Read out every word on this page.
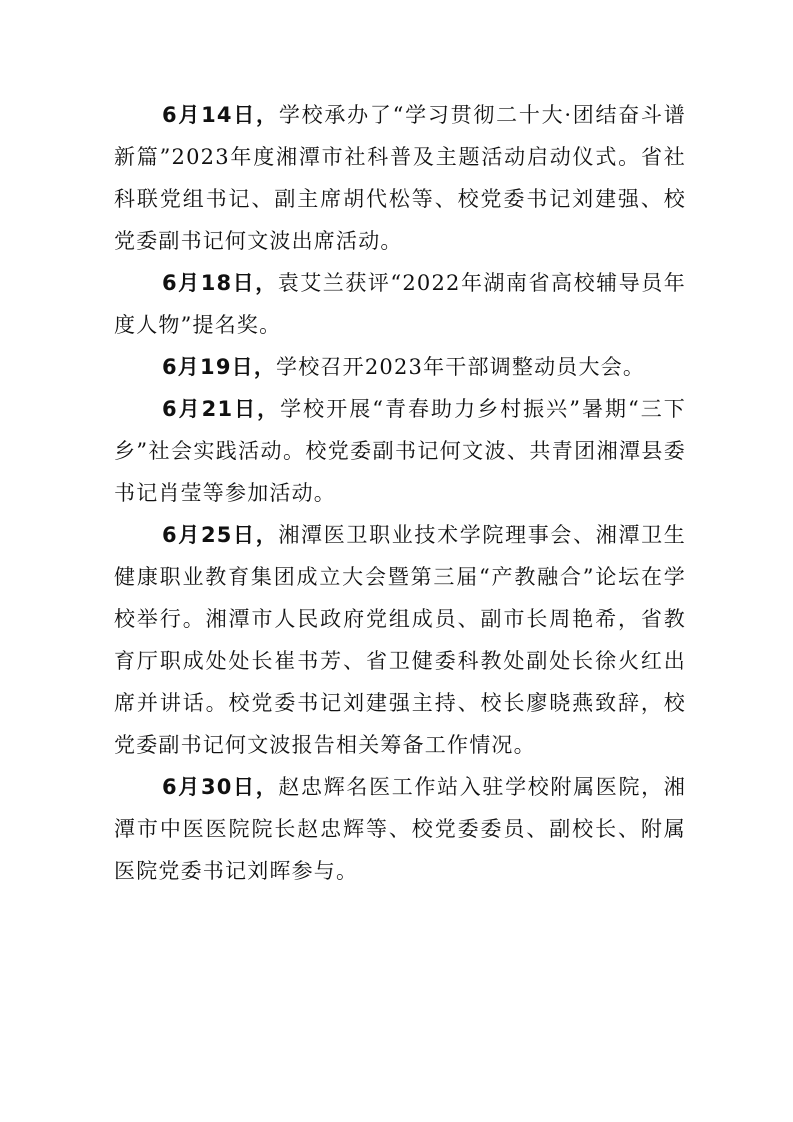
6月14日，学校承办了“学习贯彻二十大·团结奋斗谱新篇”2023年度湘潭市社科普及主题活动启动仪式。省社科联党组书记、副主席胡代松等、校党委书记刘建强、校党委副书记何文波出席活动。

6月18日，袁艾兰获评“2022年湖南省高校辅导员年度人物”提名奖。

6月19日，学校召开2023年干部调整动员大会。

6月21日，学校开展“青春助力乡村振兴”暑期“三下乡”社会实践活动。校党委副书记何文波、共青团湘潭县委书记肖莹等参加活动。

6月25日，湘潭医卫职业技术学院理事会、湘潭卫生健康职业教育集团成立大会暨第三届“产教融合”论坛在学校举行。湘潭市人民政府党组成员、副市长周艳希，省教育厅职成处处长崔书芳、省卫健委科教处副处长徐火红出席并讲话。校党委书记刘建强主持、校长廖晓燕致辞，校党委副书记何文波报告相关筹备工作情况。

6月30日，赵忠辉名医工作站入驻学校附属医院，湘潭市中医医院院长赵忠辉等、校党委委员、副校长、附属医院党委书记刘晖参与。
